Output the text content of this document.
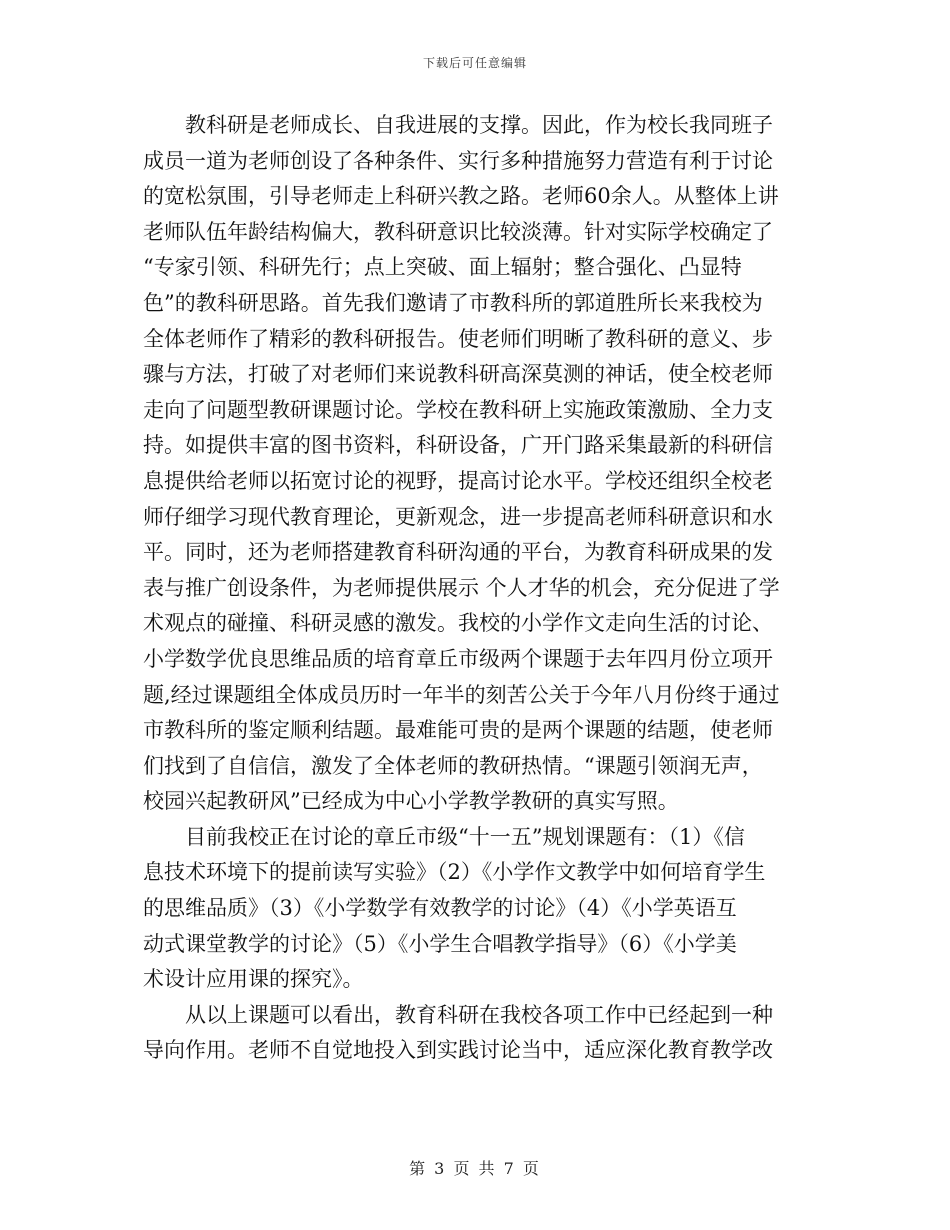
下载后可任意编辑

教科研是老师成长、自我进展的支撑。因此，作为校长我同班子
成员一道为老师创设了各种条件、实行多种措施努力营造有利于讨论
的宽松氛围，引导老师走上科研兴教之路。老师60余人。从整体上讲
老师队伍年龄结构偏大，教科研意识比较淡薄。针对实际学校确定了
“专家引领、科研先行；点上突破、面上辐射；整合强化、凸显特
色”的教科研思路。首先我们邀请了市教科所的郭道胜所长来我校为
全体老师作了精彩的教科研报告。使老师们明晰了教科研的意义、步
骤与方法，打破了对老师们来说教科研高深莫测的神话，使全校老师
走向了问题型教研课题讨论。学校在教科研上实施政策激励、全力支
持。如提供丰富的图书资料，科研设备，广开门路采集最新的科研信
息提供给老师以拓宽讨论的视野，提高讨论水平。学校还组织全校老
师仔细学习现代教育理论，更新观念，进一步提高老师科研意识和水
平。同时，还为老师搭建教育科研沟通的平台，为教育科研成果的发
表与推广创设条件，为老师提供展示 个人才华的机会，充分促进了学
术观点的碰撞、科研灵感的激发。我校的小学作文走向生活的讨论、
小学数学优良思维品质的培育章丘市级两个课题于去年四月份立项开
题,经过课题组全体成员历时一年半的刻苦公关于今年八月份终于通过
市教科所的鉴定顺利结题。最难能可贵的是两个课题的结题，使老师
们找到了自信信，激发了全体老师的教研热情。“课题引领润无声，
校园兴起教研风”已经成为中心小学教学教研的真实写照。

目前我校正在讨论的章丘市级“十一五”规划课题有：（1）《信
息技术环境下的提前读写实验》（2）《小学作文教学中如何培育学生
的思维品质》（3）《小学数学有效教学的讨论》（4）《小学英语互
动式课堂教学的讨论》（5）《小学生合唱教学指导》（6）《小学美
术设计应用课的探究》。

从以上课题可以看出，教育科研在我校各项工作中已经起到一种
导向作用。老师不自觉地投入到实践讨论当中，适应深化教育教学改

第 3 页 共 7 页
